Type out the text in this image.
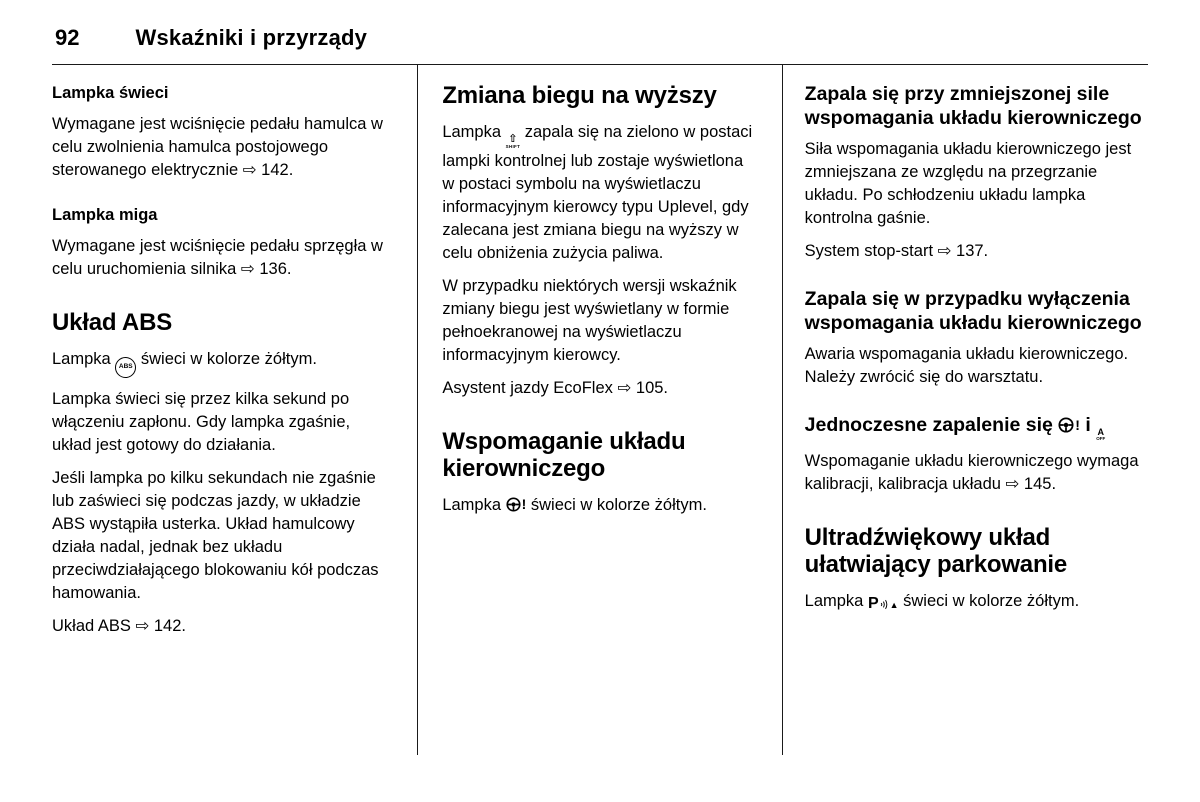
92	Wskaźniki i przyrządy
Lampka świeci

Wymagane jest wciśnięcie pedału hamulca w celu zwolnienia hamulca postojowego sterowanego elektrycznie ⇨ 142.

Lampka miga

Wymagane jest wciśnięcie pedału sprzęgła w celu uruchomienia silnika ⇨ 136.

Układ ABS

Lampka ABS świeci w kolorze żółtym.

Lampka świeci się przez kilka sekund po włączeniu zapłonu. Gdy lampka zgaśnie, układ jest gotowy do działania.

Jeśli lampka po kilku sekundach nie zgaśnie lub zaświeci się podczas jazdy, w układzie ABS wystąpiła usterka. Układ hamulcowy działa nadal, jednak bez układu przeciwdziałającego blokowaniu kół podczas hamowania.

Układ ABS ⇨ 142.

Zmiana biegu na wyższy

Lampka ⇧
SHIFT
zapala się na zielono w postaci lampki kontrolnej lub zostaje wyświetlona w postaci symbolu na wyświetlaczu informacyjnym kierowcy typu Uplevel, gdy zalecana jest zmiana biegu na wyższy w celu obniżenia zużycia paliwa.

W przypadku niektórych wersji wskaźnik zmiany biegu jest wyświetlany w formie pełnoekranowej na wyświetlaczu informacyjnym kierowcy.

Asystent jazdy EcoFlex ⇨ 105.

Wspomaganie układu kierowniczego

Lampka ! świeci w kolorze żółtym.

Zapala się przy zmniejszonej sile wspomagania układu kierowniczego

Siła wspomagania układu kierowniczego jest zmniejszana ze względu na przegrzanie układu. Po schłodzeniu układu lampka kontrolna gaśnie.

System stop-start ⇨ 137.

Zapala się w przypadku wyłączenia wspomagania układu kierowniczego

Awaria wspomagania układu kierowniczego. Należy zwrócić się do warsztatu.

Jednoczesne zapalenie się ! i A
OFF

Wspomaganie układu kierowniczego wymaga kalibracji, kalibracja układu ⇨ 145.

Ultradźwiękowy układ ułatwiający parkowanie

Lampka P ▲ świeci w kolorze żółtym.
